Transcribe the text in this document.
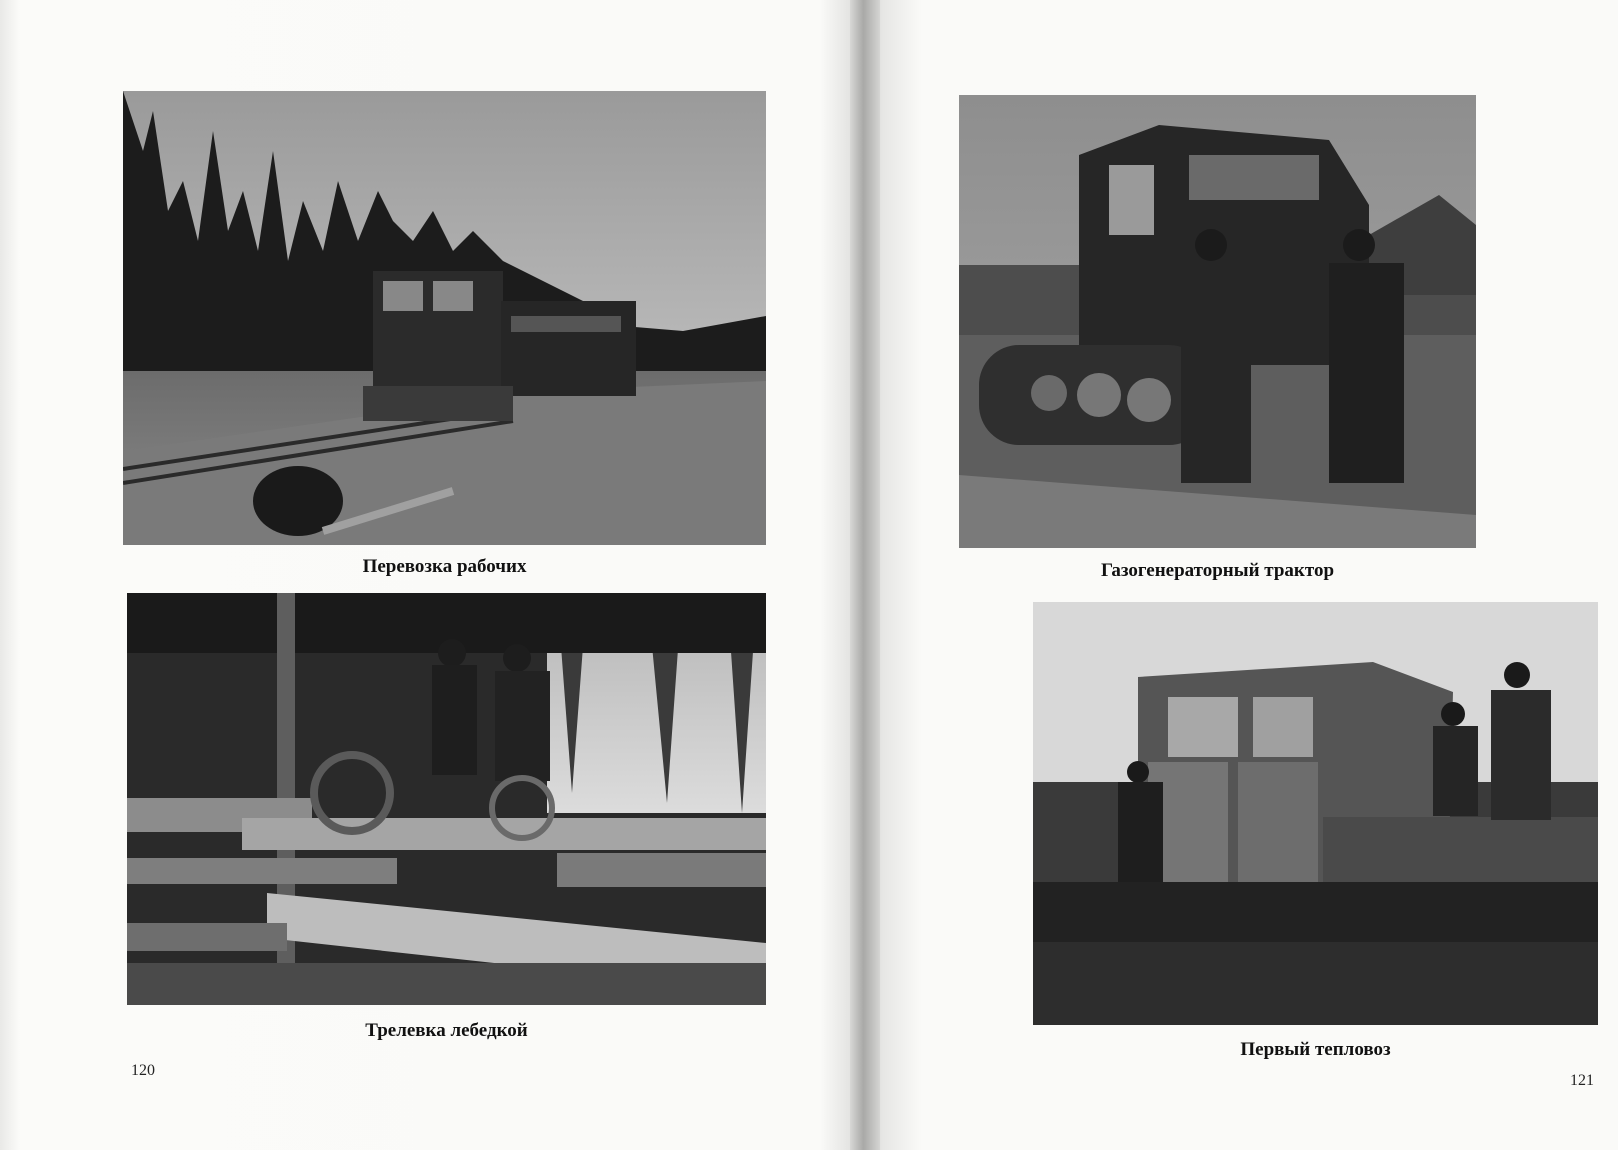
Перевозка рабочих
Трелевка лебедкой
120
Газогенераторный трактор
Первый тепловоз
121
